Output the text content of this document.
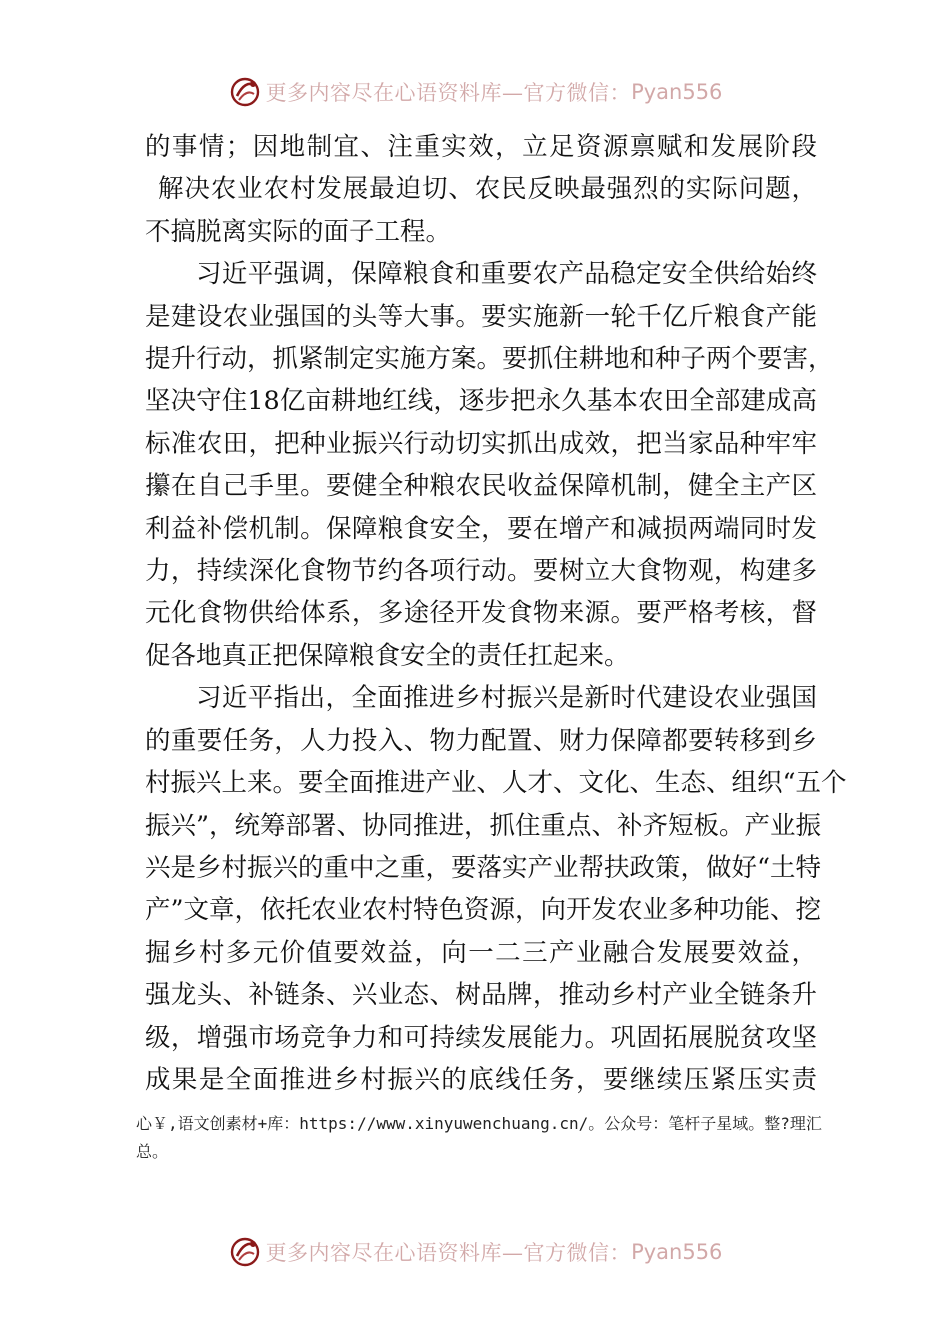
更多内容尽在心语资料库—官方微信： Pyan556
的事情；因地制宜、注重实效，立足资源禀赋和发展阶段
解决农业农村发展最迫切、农民反映最强烈的实际问题，
不搞脱离实际的面子工程。
习近平强调，保障粮食和重要农产品稳定安全供给始终
是建设农业强国的头等大事。要实施新一轮千亿斤粮食产能
提升行动，抓紧制定实施方案。要抓住耕地和种子两个要害，
坚决守住18亿亩耕地红线，逐步把永久基本农田全部建成高
标准农田，把种业振兴行动切实抓出成效，把当家品种牢牢
攥在自己手里。要健全种粮农民收益保障机制，健全主产区
利益补偿机制。保障粮食安全，要在增产和减损两端同时发
力，持续深化食物节约各项行动。要树立大食物观，构建多
元化食物供给体系，多途径开发食物来源。要严格考核，督
促各地真正把保障粮食安全的责任扛起来。
习近平指出，全面推进乡村振兴是新时代建设农业强国
的重要任务，人力投入、物力配置、财力保障都要转移到乡
村振兴上来。要全面推进产业、人才、文化、生态、组织“五个
振兴”，统筹部署、协同推进，抓住重点、补齐短板。产业振
兴是乡村振兴的重中之重，要落实产业帮扶政策，做好“土特
产”文章，依托农业农村特色资源，向开发农业多种功能、挖
掘乡村多元价值要效益，向一二三产业融合发展要效益，
强龙头、补链条、兴业态、树品牌，推动乡村产业全链条升
级，增强市场竞争力和可持续发展能力。巩固拓展脱贫攻坚
成果是全面推进乡村振兴的底线任务，要继续压紧压实责
心￥,语文创素材+库：https://www.xinyuwenchuang.cn/。公众号：笔杆子星域。整?理汇
总。
更多内容尽在心语资料库—官方微信： Pyan556
